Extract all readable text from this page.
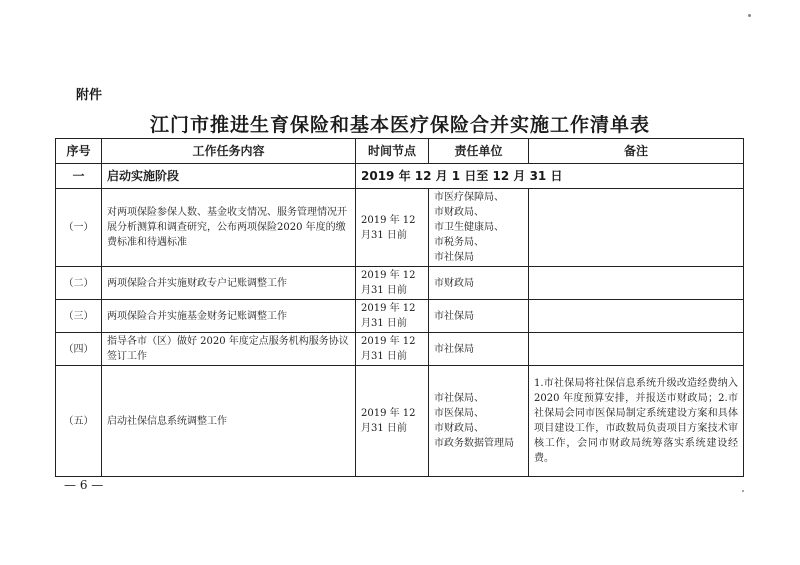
附件
江门市推进生育保险和基本医疗保险合并实施工作清单表
序号	工作任务内容	时间节点	责任单位	备注
一	启动实施阶段	2019 年 12 月 1 日至 12 月 31 日		
（一）	对两项保险参保人数、基金收支情况、服务管理情况开展分析测算和调查研究，公布两项保险2020 年度的缴费标准和待遇标准	2019 年 12 月31 日前	市医疗保障局、
市财政局、
市卫生健康局、
市税务局、
市社保局	

（二）	两项保险合并实施财政专户记账调整工作	2019 年 12 月31 日前	市财政局	

（三）	两项保险合并实施基金财务记账调整工作	2019 年 12 月31 日前	市社保局	

（四）	指导各市（区）做好 2020 年度定点服务机构服务协议签订工作	2019 年 12 月31 日前	市社保局	

（五）	启动社保信息系统调整工作	2019 年 12 月31 日前	市社保局、
市医保局、
市财政局、
市政务数据管理局	1.市社保局将社保信息系统升级改造经费纳入 2020 年度预算安排，并报送市财政局；2.市社保局会同市医保局制定系统建设方案和具体项目建设工作，市政数局负责项目方案技术审核工作，会同市财政局统筹落实系统建设经费。
— 6 —
